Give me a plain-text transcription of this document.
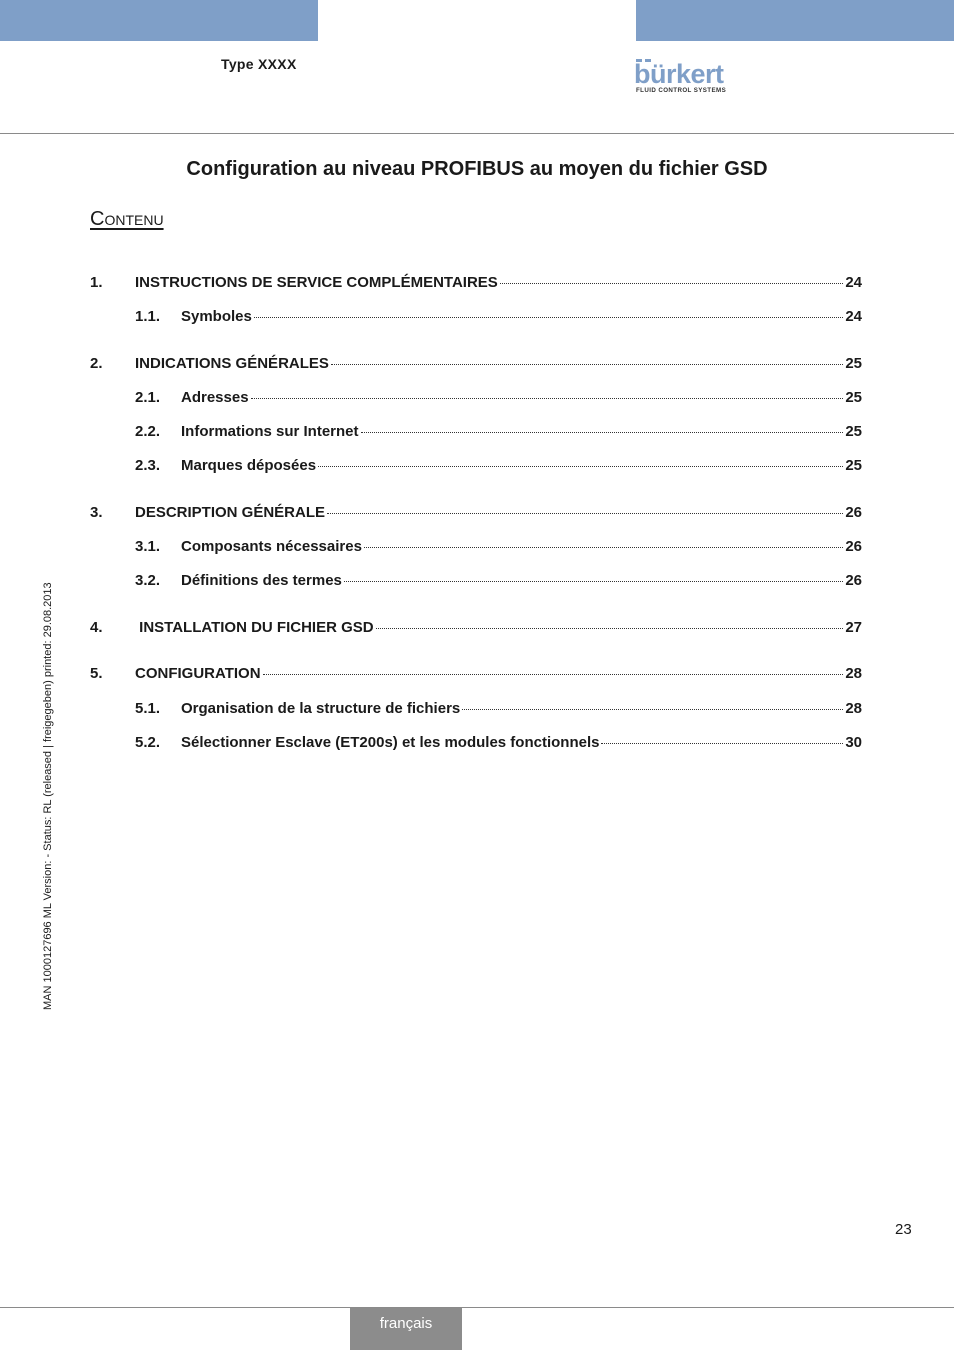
Type XXXX	bürkert
FLUID CONTROL SYSTEMS
Configuration au niveau PROFIBUS au moyen du fichier GSD
Contenu
1.	INSTRUCTIONS DE SERVICE COMPLÉMENTAIRES	24
1.1.	Symboles	24
2.	INDICATIONS GÉNÉRALES	25
2.1.	Adresses	25
2.2.	Informations sur Internet	25
2.3.	Marques déposées	25
3.	DESCRIPTION GÉNÉRALE	26
3.1.	Composants nécessaires	26
3.2.	Définitions des termes	26
4.	INSTALLATION DU FICHIER GSD	27
5.	CONFIGURATION	28
5.1.	Organisation de la structure de fichiers	28
5.2.	Sélectionner Esclave (ET200s) et les modules fonctionnels	30
MAN 1000127696 ML Version: - Status: RL (released | freigegeben) printed: 29.08.2013
23
français
